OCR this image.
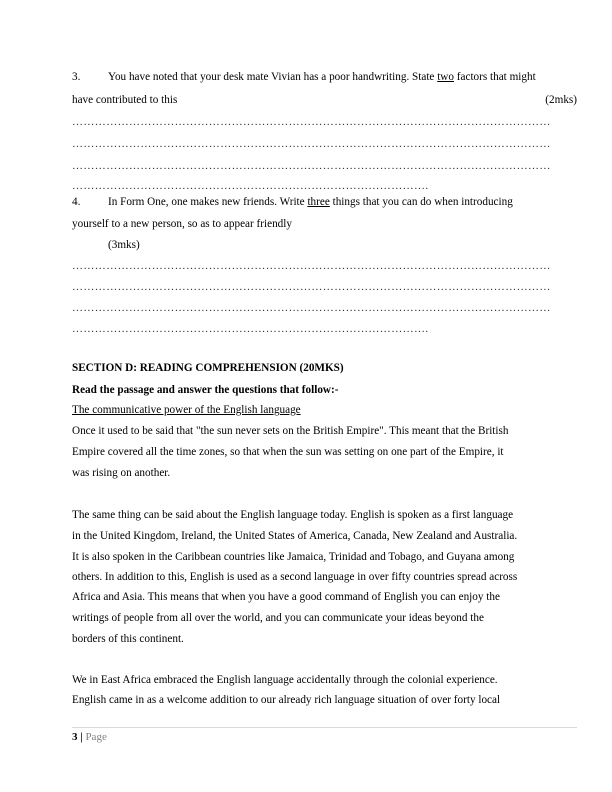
3. You have noted that your desk mate Vivian has a poor handwriting. State two factors that might
have contributed to this	(2mks)
………………………………………………………………………………………………………………
………………………………………………………………………………………………………………
………………………………………………………………………………………………………………
………………………………………………………………………………….
4. In Form One, one makes new friends. Write three things that you can do when introducing
yourself to a new person, so as to appear friendly
(3mks)
………………………………………………………………………………………………………………
………………………………………………………………………………………………………………
………………………………………………………………………………………………………………
………………………………………………………………………………….
SECTION D: READING COMPREHENSION (20MKS)
Read the passage and answer the questions that follow:-
The communicative power of the English language
Once it used to be said that "the sun never sets on the British Empire". This meant that the British
Empire covered all the time zones, so that when the sun was setting on one part of the Empire, it
was rising on another.
The same thing can be said about the English language today. English is spoken as a first language
in the United Kingdom, Ireland, the United States of America, Canada, New Zealand and Australia.
It is also spoken in the Caribbean countries like Jamaica, Trinidad and Tobago, and Guyana among
others. In addition to this, English is used as a second language in over fifty countries spread across
Africa and Asia. This means that when you have a good command of English you can enjoy the
writings of people from all over the world, and you can communicate your ideas beyond the
borders of this continent.
We in East Africa embraced the English language accidentally through the colonial experience.
English came in as a welcome addition to our already rich language situation of over forty local
3 | Page
